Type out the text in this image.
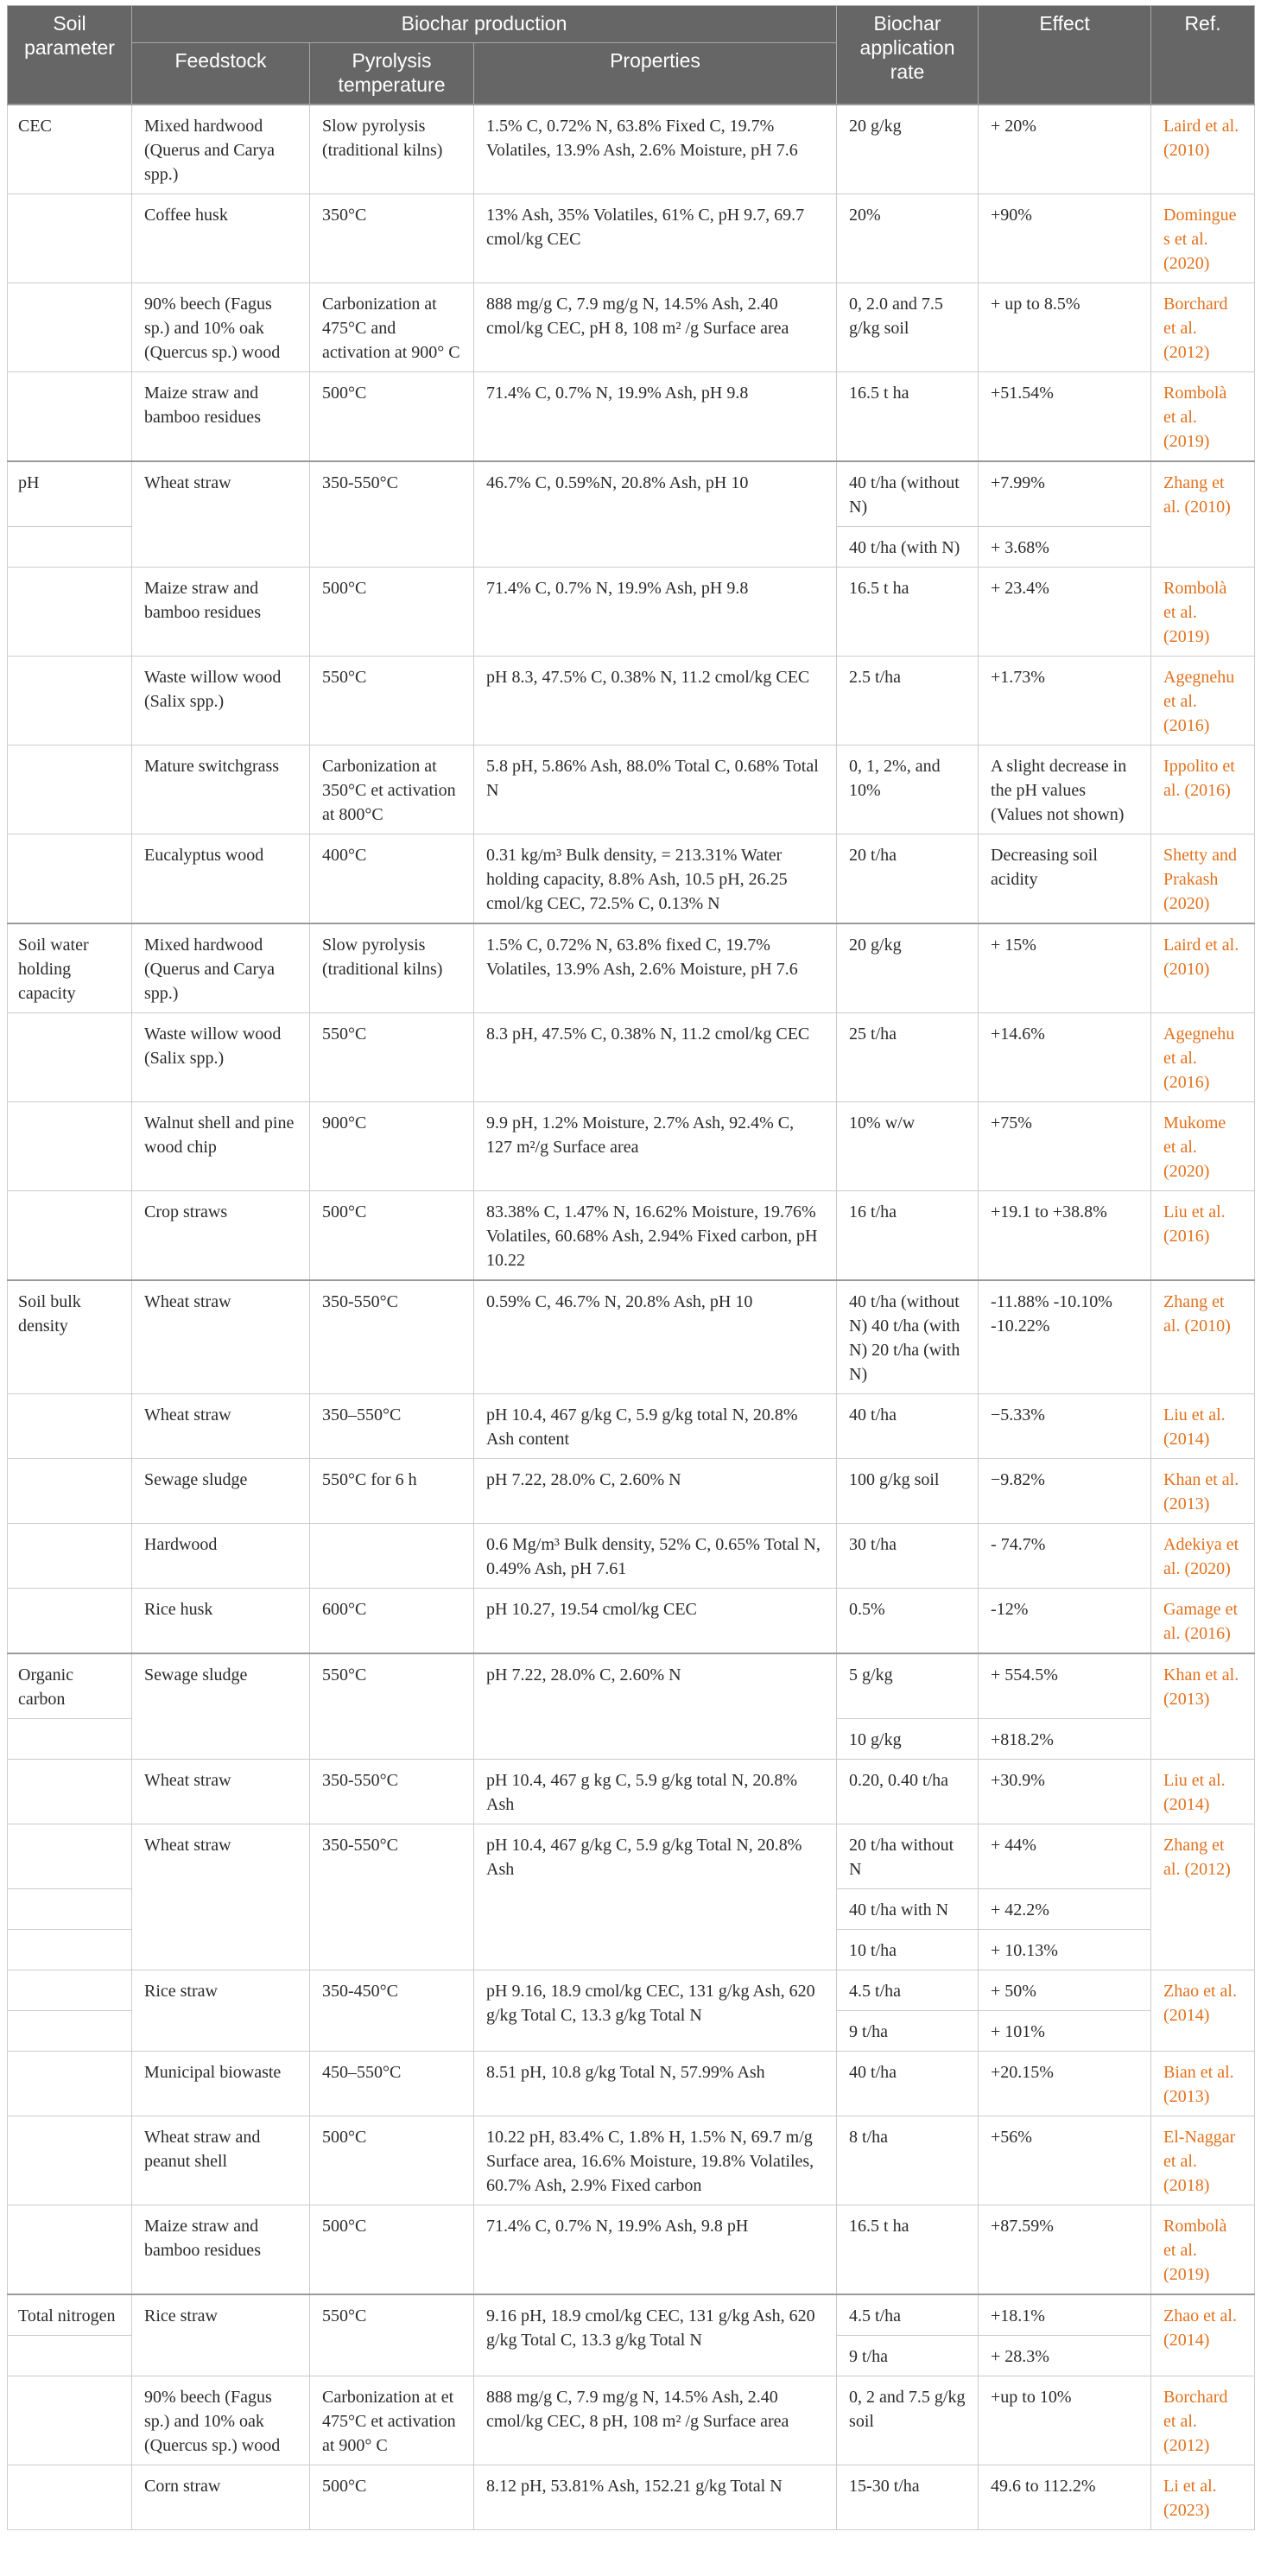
Soil parameter	Biochar production			Biochar application rate	Effect	Ref.
	Feedstock	Pyrolysis temperature	Properties			
CEC	Mixed hardwood (Querus and Carya spp.)	Slow pyrolysis (traditional kilns)	1.5% C, 0.72% N, 63.8% Fixed C, 19.7% Volatiles, 13.9% Ash, 2.6% Moisture, pH 7.6	20 g/kg	+ 20%	Laird et al. (2010)
	Coffee husk	350°C	13% Ash, 35% Volatiles, 61% C, pH 9.7, 69.7 cmol/kg CEC	20%	+90%	Domingues et al. (2020)
	90% beech (Fagus sp.) and 10% oak (Quercus sp.) wood	Carbonization at 475°C and activation at 900° C	888 mg/g C, 7.9 mg/g N, 14.5% Ash, 2.40 cmol/kg CEC, pH 8, 108 m² /g Surface area	0, 2.0 and 7.5 g/kg soil	+ up to 8.5%	Borchard et al. (2012)
	Maize straw and bamboo residues	500°C	71.4% C, 0.7% N, 19.9% Ash, pH 9.8	16.5 t ha	+51.54%	Rombolà et al. (2019)
pH	Wheat straw	350-550°C	46.7% C, 0.59%N, 20.8% Ash, pH 10	40 t/ha (without N)	+7.99%	Zhang et al. (2010)
				40 t/ha (with N)	+ 3.68%	
	Maize straw and bamboo residues	500°C	71.4% C, 0.7% N, 19.9% Ash, pH 9.8	16.5 t ha	+ 23.4%	Rombolà et al. (2019)
	Waste willow wood (Salix spp.)	550°C	pH 8.3, 47.5% C, 0.38% N, 11.2 cmol/kg CEC	2.5 t/ha	+1.73%	Agegnehu et al. (2016)
	Mature switchgrass	Carbonization at 350°C et activation at 800°C	5.8 pH, 5.86% Ash, 88.0% Total C, 0.68% Total N	0, 1, 2%, and 10%	A slight decrease in the pH values (Values not shown)	Ippolito et al. (2016)
	Eucalyptus wood	400°C	0.31 kg/m³ Bulk density, = 213.31% Water holding capacity, 8.8% Ash, 10.5 pH, 26.25 cmol/kg CEC, 72.5% C, 0.13% N	20 t/ha	Decreasing soil acidity	Shetty and Prakash (2020)
Soil water holding capacity	Mixed hardwood (Querus and Carya spp.)	Slow pyrolysis (traditional kilns)	1.5% C, 0.72% N, 63.8% fixed C, 19.7% Volatiles, 13.9% Ash, 2.6% Moisture, pH 7.6	20 g/kg	+ 15%	Laird et al. (2010)
	Waste willow wood (Salix spp.)	550°C	8.3 pH, 47.5% C, 0.38% N, 11.2 cmol/kg CEC	25 t/ha	+14.6%	Agegnehu et al. (2016)
	Walnut shell and pine wood chip	900°C	9.9 pH, 1.2% Moisture, 2.7% Ash, 92.4% C, 127 m²/g Surface area	10% w/w	+75%	Mukome et al. (2020)
	Crop straws	500°C	83.38% C, 1.47% N, 16.62% Moisture, 19.76% Volatiles, 60.68% Ash, 2.94% Fixed carbon, pH 10.22	16 t/ha	+19.1 to +38.8%	Liu et al. (2016)
Soil bulk density	Wheat straw	350-550°C	0.59% C, 46.7% N, 20.8% Ash, pH 10	40 t/ha (without N) 40 t/ha (with N) 20 t/ha (with N)	-11.88% -10.10% -10.22%	Zhang et al. (2010)
	Wheat straw	350–550°C	pH 10.4, 467 g/kg C, 5.9 g/kg total N, 20.8% Ash content	40 t/ha	−5.33%	Liu et al. (2014)
	Sewage sludge	550°C for 6 h	pH 7.22, 28.0% C, 2.60% N	100 g/kg soil	−9.82%	Khan et al. (2013)
	Hardwood		0.6 Mg/m³ Bulk density, 52% C, 0.65% Total N, 0.49% Ash, pH 7.61	30 t/ha	- 74.7%	Adekiya et al. (2020)
	Rice husk	600°C	pH 10.27, 19.54 cmol/kg CEC	0.5%	-12%	Gamage et al. (2016)
Organic carbon	Sewage sludge	550°C	pH 7.22, 28.0% C, 2.60% N	5 g/kg	+ 554.5%	Khan et al. (2013)
				10 g/kg	+818.2%	
	Wheat straw	350-550°C	pH 10.4, 467 g kg C, 5.9 g/kg total N, 20.8% Ash	0.20, 0.40 t/ha	+30.9%	Liu et al. (2014)
	Wheat straw	350-550°C	pH 10.4, 467 g/kg C, 5.9 g/kg Total N, 20.8% Ash	20 t/ha without N	+ 44%	Zhang et al. (2012)
				40 t/ha with N	+ 42.2%	
				10 t/ha	+ 10.13%	
	Rice straw	350-450°C	pH 9.16, 18.9 cmol/kg CEC, 131 g/kg Ash, 620 g/kg Total C, 13.3 g/kg Total N	4.5 t/ha	+ 50%	Zhao et al. (2014)
				9 t/ha	+ 101%	
	Municipal biowaste	450–550°C	8.51 pH, 10.8 g/kg Total N, 57.99% Ash	40 t/ha	+20.15%	Bian et al. (2013)
	Wheat straw and peanut shell	500°C	10.22 pH, 83.4% C, 1.8% H, 1.5% N, 69.7 m/g Surface area, 16.6% Moisture, 19.8% Volatiles, 60.7% Ash, 2.9% Fixed carbon	8 t/ha	+56%	El-Naggar et al. (2018)
	Maize straw and bamboo residues	500°C	71.4% C, 0.7% N, 19.9% Ash, 9.8 pH	16.5 t ha	+87.59%	Rombolà et al. (2019)
Total nitrogen	Rice straw	550°C	9.16 pH, 18.9 cmol/kg CEC, 131 g/kg Ash, 620 g/kg Total C, 13.3 g/kg Total N	4.5 t/ha	+18.1%	Zhao et al. (2014)
				9 t/ha	+ 28.3%	
	90% beech (Fagus sp.) and 10% oak (Quercus sp.) wood	Carbonization at et 475°C et activation at 900° C	888 mg/g C, 7.9 mg/g N, 14.5% Ash, 2.40 cmol/kg CEC, 8 pH, 108 m² /g Surface area	0, 2 and 7.5 g/kg soil	+up to 10%	Borchard et al. (2012)
	Corn straw	500°C	8.12 pH, 53.81% Ash, 152.21 g/kg Total N	15-30 t/ha	49.6 to 112.2%	Li et al. (2023)
